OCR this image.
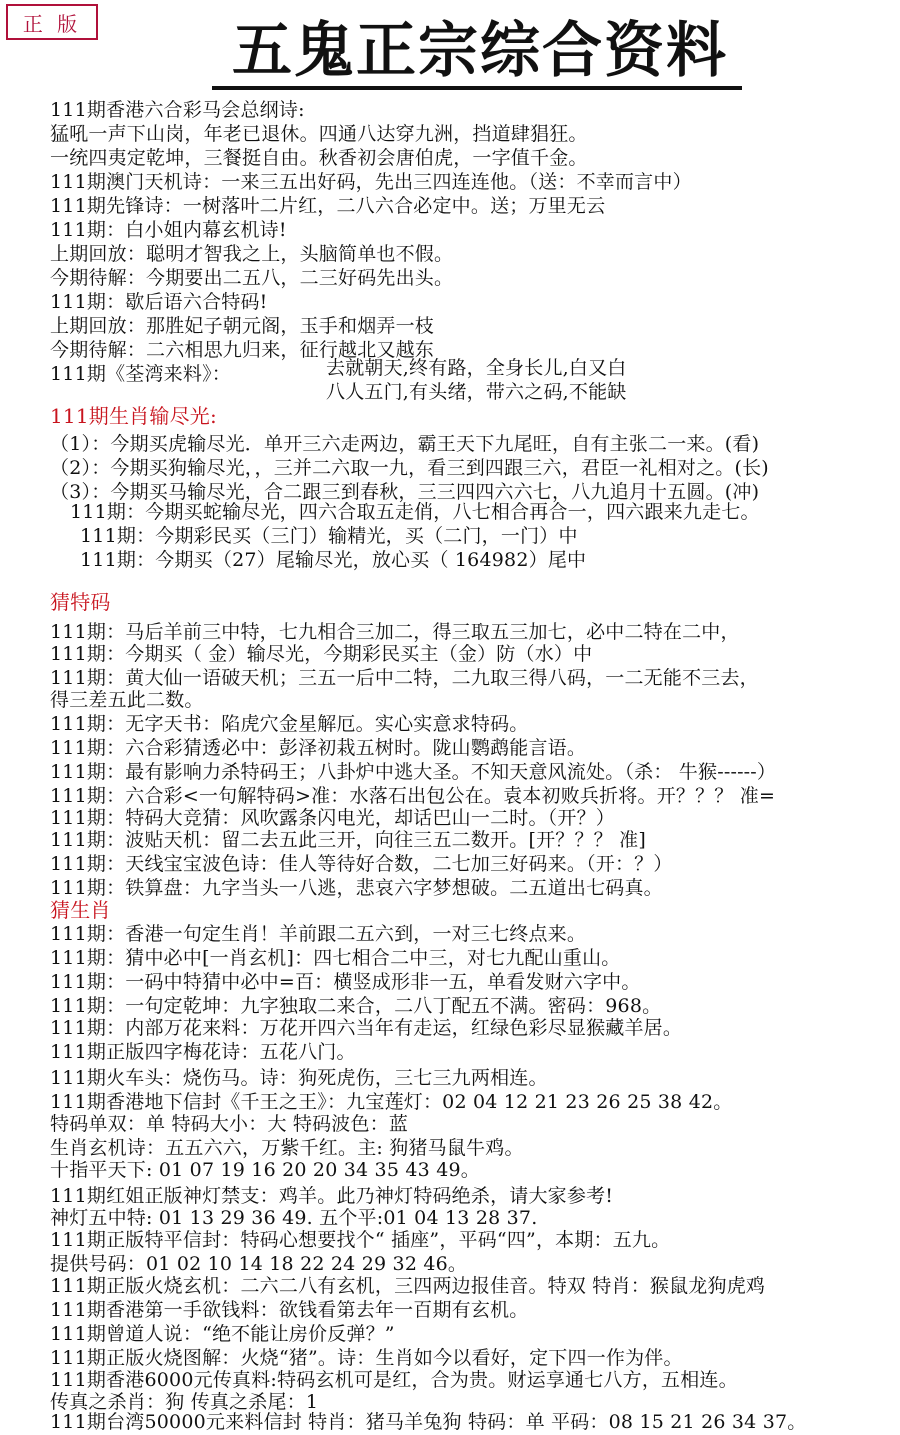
正 版	五鬼正宗综合资料
111期香港六合彩马会总纲诗:
猛吼一声下山岗，年老已退休。四通八达穿九洲，挡道肆猖狂。
一统四夷定乾坤，三餐挺自由。秋香初会唐伯虎，一字值千金。
111期澳门天机诗：一来三五出好码，先出三四连连他。（送：不幸而言中）
111期先锋诗：一树落叶二片红，二八六合必定中。送；万里无云
111期：白小姐内幕玄机诗!
上期回放：聪明才智我之上，头脑简单也不假。
今期待解：今期要出二五八，二三好码先出头。
111期：歇后语六合特码!
上期回放：那胜妃子朝元阁，玉手和烟弄一枝
今期待解：二六相思九归来，征行越北又越东
111期《荃湾来料》：	去就朝天,终有路，全身长儿,白又白
八人五门,有头绪，带六之码,不能缺
111期生肖输尽光:
（1）：今期买虎输尽光．单开三六走两边，霸王天下九尾旺，自有主张二一来。(看)
（2）：今期买狗输尽光，，三并二六取一九，看三到四跟三六，君臣一礼相对之。(长)
（3）：今期买马输尽光，合二跟三到春秋，三三四四六六七，八九追月十五圆。(冲)
111期：今期买蛇输尽光，四六合取五走俏，八七相合再合一，四六跟来九走七。
111期：今期彩民买（三门）输精光，买（二门，一门）中
111期：今期买（27）尾输尽光，放心买（ 164982）尾中
猜特码
111期：马后羊前三中特，七九相合三加二，得三取五三加七，必中二特在二中，
111期：今期买（ 金）输尽光，今期彩民买主（金）防（水）中
111期：黄大仙一语破天机；三五一后中二特，二九取三得八码，一二无能不三去，
得三差五此二数。
111期：无字天书：陷虎穴金星解厄。实心实意求特码。
111期：六合彩猜透必中：彭泽初栽五树时。陇山鹦鹉能言语。
111期：最有影响力杀特码王；八卦炉中逃大圣。不知天意风流处。（杀： 牛猴------）
111期：六合彩<一句解特码>准：水落石出包公在。袁本初败兵折将。开？？？ 准=
111期：特码大竞猜：风吹露条闪电光，却话巴山一二时。（开？）
111期：波贴天机：留二去五此三开，向往三五二数开。[开？？？ 准]
111期：天线宝宝波色诗：佳人等待好合数，二七加三好码来。（开：？）
111期：铁算盘：九字当头一八逃，悲哀六字梦想破。二五道出七码真。
猜生肖
111期：香港一句定生肖！羊前跟二五六到，一对三七终点来。
111期：猜中必中[一肖玄机]：四七相合二中三，对七九配山重山。
111期：一码中特猜中必中=百：横竖成形非一五，单看发财六字中。
111期：一句定乾坤：九字独取二来合，二八丁配五不满。密码：968。
111期：内部万花来料：万花开四六当年有走运，红绿色彩尽显猴藏羊居。
111期正版四字梅花诗：五花八门。
111期火车头：烧伤马。诗：狗死虎伤，三七三九两相连。
111期香港地下信封《千王之王》：九宝莲灯：02 04 12 21 23 26 25 38 42。
特码单双：单 特码大小：大 特码波色：蓝
生肖玄机诗：五五六六，万紫千红。主: 狗猪马鼠牛鸡。
十指平天下: 01 07 19 16 20 20 34 35 43 49。
111期红姐正版神灯禁支：鸡羊。此乃神灯特码绝杀，请大家参考!
神灯五中特: 01 13 29 36 49. 五个平:01 04 13 28 37.
111期正版特平信封：特码心想要找个“ 插座”，平码“四”，本期：五九。
提供号码：01 02 10 14 18 22 24 29 32 46。
111期正版火烧玄机：二六二八有玄机，三四两边报佳音。特双 特肖：猴鼠龙狗虎鸡
111期香港第一手欲钱料：欲钱看第去年一百期有玄机。
111期曾道人说：“绝不能让房价反弹？”
111期正版火烧图解：火烧“猪”。诗：生肖如今以看好，定下四一作为伴。
111期香港6000元传真料:特码玄机可是红，合为贵。财运享通七八方，五相连。
传真之杀肖：狗 传真之杀尾：1
111期台湾50000元来料信封 特肖：猪马羊兔狗 特码：单 平码：08 15 21 26 34 37。
